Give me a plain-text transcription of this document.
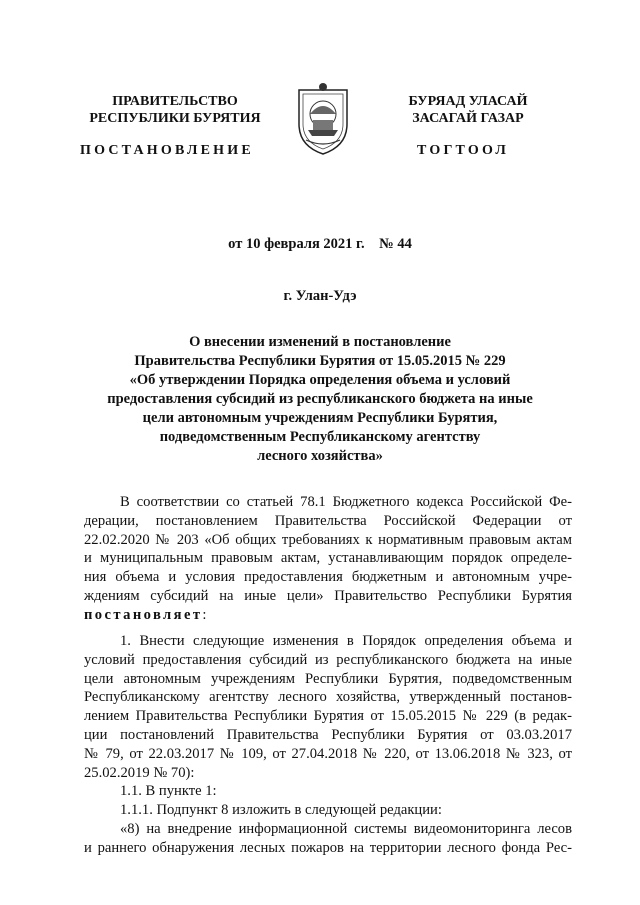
ПРАВИТЕЛЬСТВО
РЕСПУБЛИКИ БУРЯТИЯ
БУРЯАД УЛАСАЙ
ЗАСАГАЙ ГАЗАР
ПОСТАНОВЛЕНИЕ	ТОГТООЛ
от 10 февраля 2021 г.    № 44
г. Улан-Удэ
О внесении изменений в постановление
Правительства Республики Бурятия от 15.05.2015 № 229
«Об утверждении Порядка определения объема и условий
предоставления субсидий из республиканского бюджета на иные
цели автономным учреждениям Республики Бурятия,
подведомственным Республиканскому агентству
лесного хозяйства»
В соответствии со статьей 78.1 Бюджетного кодекса Российской Фе-
дерации, постановлением Правительства Российской Федерации от
22.02.2020 № 203 «Об общих требованиях к нормативным правовым актам
и муниципальным правовым актам, устанавливающим порядок определе-
ния объема и условия предоставления бюджетным и автономным учре-
ждениям субсидий на иные цели» Правительство Республики Бурятия
постановляет:
1. Внести следующие изменения в Порядок определения объема и
условий предоставления субсидий из республиканского бюджета на иные
цели автономным учреждениям Республики Бурятия, подведомственным
Республиканскому агентству лесного хозяйства, утвержденный постанов-
лением Правительства Республики Бурятия от 15.05.2015 № 229 (в редак-
ции постановлений Правительства Республики Бурятия от 03.03.2017
№ 79, от 22.03.2017 № 109, от 27.04.2018 № 220, от 13.06.2018 № 323, от
25.02.2019 № 70):
1.1. В пункте 1:
1.1.1. Подпункт 8 изложить в следующей редакции:
«8) на внедрение информационной системы видеомониторинга лесов
и раннего обнаружения лесных пожаров на территории лесного фонда Рес-
